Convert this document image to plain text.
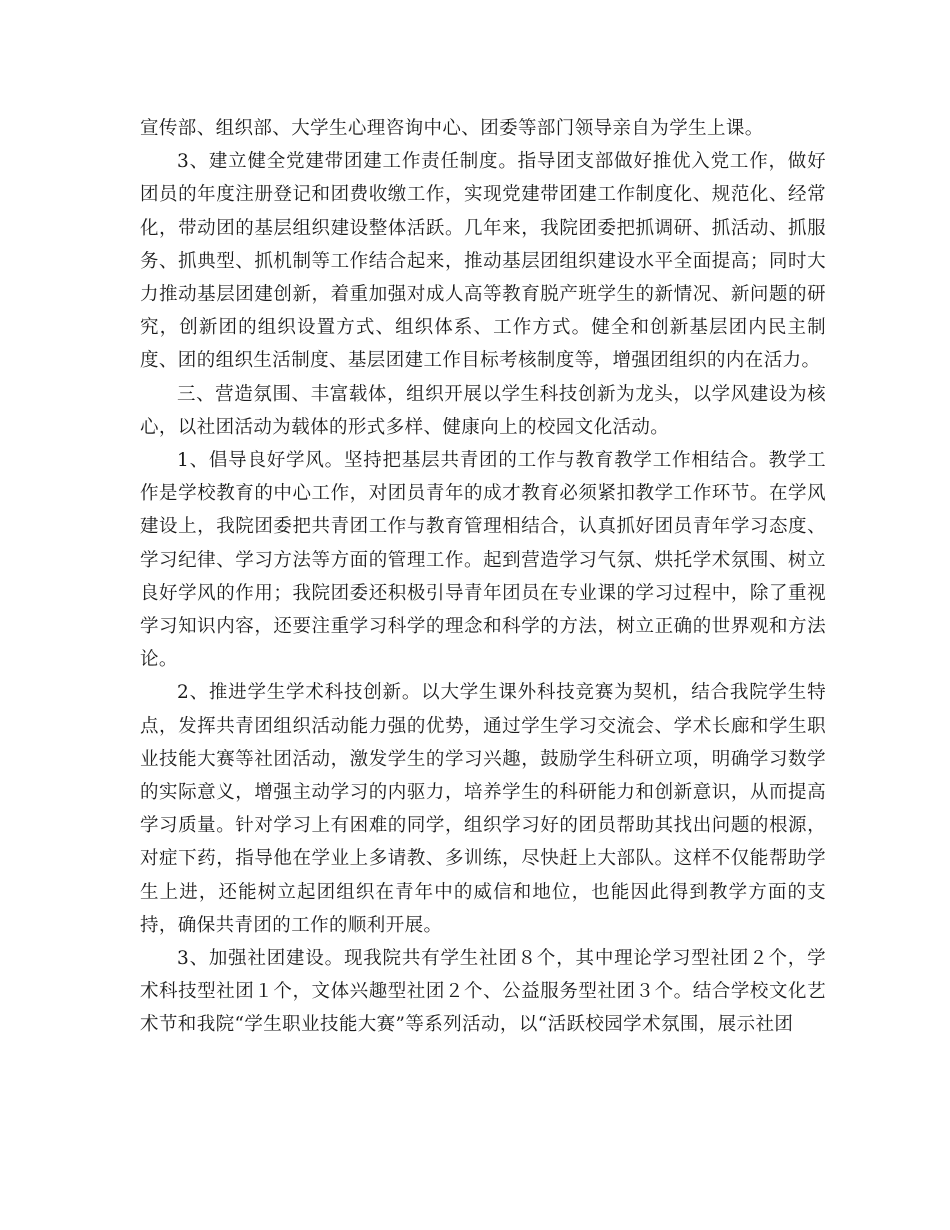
宣传部、组织部、大学生心理咨询中心、团委等部门领导亲自为学生上课。

3、建立健全党建带团建工作责任制度。指导团支部做好推优入党工作，做好团员的年度注册登记和团费收缴工作，实现党建带团建工作制度化、规范化、经常化，带动团的基层组织建设整体活跃。几年来，我院团委把抓调研、抓活动、抓服务、抓典型、抓机制等工作结合起来，推动基层团组织建设水平全面提高；同时大力推动基层团建创新，着重加强对成人高等教育脱产班学生的新情况、新问题的研究，创新团的组织设置方式、组织体系、工作方式。健全和创新基层团内民主制度、团的组织生活制度、基层团建工作目标考核制度等，增强团组织的内在活力。

三、营造氛围、丰富载体，组织开展以学生科技创新为龙头，以学风建设为核心，以社团活动为载体的形式多样、健康向上的校园文化活动。

1、倡导良好学风。坚持把基层共青团的工作与教育教学工作相结合。教学工作是学校教育的中心工作，对团员青年的成才教育必须紧扣教学工作环节。在学风建设上，我院团委把共青团工作与教育管理相结合，认真抓好团员青年学习态度、学习纪律、学习方法等方面的管理工作。起到营造学习气氛、烘托学术氛围、树立良好学风的作用；我院团委还积极引导青年团员在专业课的学习过程中，除了重视学习知识内容，还要注重学习科学的理念和科学的方法，树立正确的世界观和方法论。

2、推进学生学术科技创新。以大学生课外科技竞赛为契机，结合我院学生特点，发挥共青团组织活动能力强的优势，通过学生学习交流会、学术长廊和学生职业技能大赛等社团活动，激发学生的学习兴趣，鼓励学生科研立项，明确学习数学的实际意义，增强主动学习的内驱力，培养学生的科研能力和创新意识，从而提高学习质量。针对学习上有困难的同学，组织学习好的团员帮助其找出问题的根源，对症下药，指导他在学业上多请教、多训练，尽快赶上大部队。这样不仅能帮助学生上进，还能树立起团组织在青年中的威信和地位，也能因此得到教学方面的支持，确保共青团的工作的顺利开展。

3、加强社团建设。现我院共有学生社团８个，其中理论学习型社团２个，学术科技型社团１个，文体兴趣型社团２个、公益服务型社团３个。结合学校文化艺术节和我院“学生职业技能大赛”等系列活动，以“活跃校园学术氛围，展示社团
